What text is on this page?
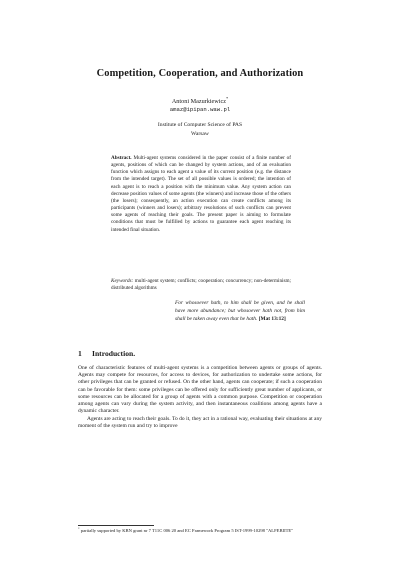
Competition, Cooperation, and Authorization
Antoni Mazurkiewicz*
amaz@ipipan.waw.pl
Institute of Computer Science of PAS
Warsaw
Abstract. Multi-agent systems considered in the paper consist of a finite number of agents, positions of which can be changed by system actions, and of an evaluation function which assigns to each agent a value of its current position (e.g. the distance from the intended target). The set of all possible values is ordered; the intention of each agent is to reach a position with the minimum value. Any system action can decrease position values of some agents (the winners) and increase those of the others (the losers); consequently, an action execution can create conflicts among its participants (winners and losers); arbitrary resolutions of such conflicts can prevent some agents of reaching their goals. The present paper is aiming to formulate conditions that must be fulfilled by actions to guarantee each agent reaching its intended final situation.
Keywords: multi-agent system; conflicts; cooperation; concurrency; non-determinism; distributed algorithms
For whosoever hath, to him shall be given, and he shall have more abundance; but whosoever hath not, from him shall be taken away even that he hath. [Mat 13:12]
1 Introduction.

One of characteristic features of multi-agent systems is a competition between agents or groups of agents. Agents may compete for resources, for access to devices, for authorization to undertake some actions, for other privileges that can be granted or refused. On the other hand, agents can cooperate; if such a cooperation can be favorable for them: some privileges can be offered only for sufficiently great number of applicants, or some resources can be allocated for a group of agents with a common purpose. Competition or cooperation among agents can vary during the system activity, and then instantaneous coalitions among agents have a dynamic character.

Agents are acting to reach their goals. To do it, they act in a rational way, evaluating their situations at any moment of the system run and try to improve

* partially supported by KBN grant nr 7 T11C 006 20 and EC Framework Program 5 IST-1999-10298 "ALFEBIITE"
